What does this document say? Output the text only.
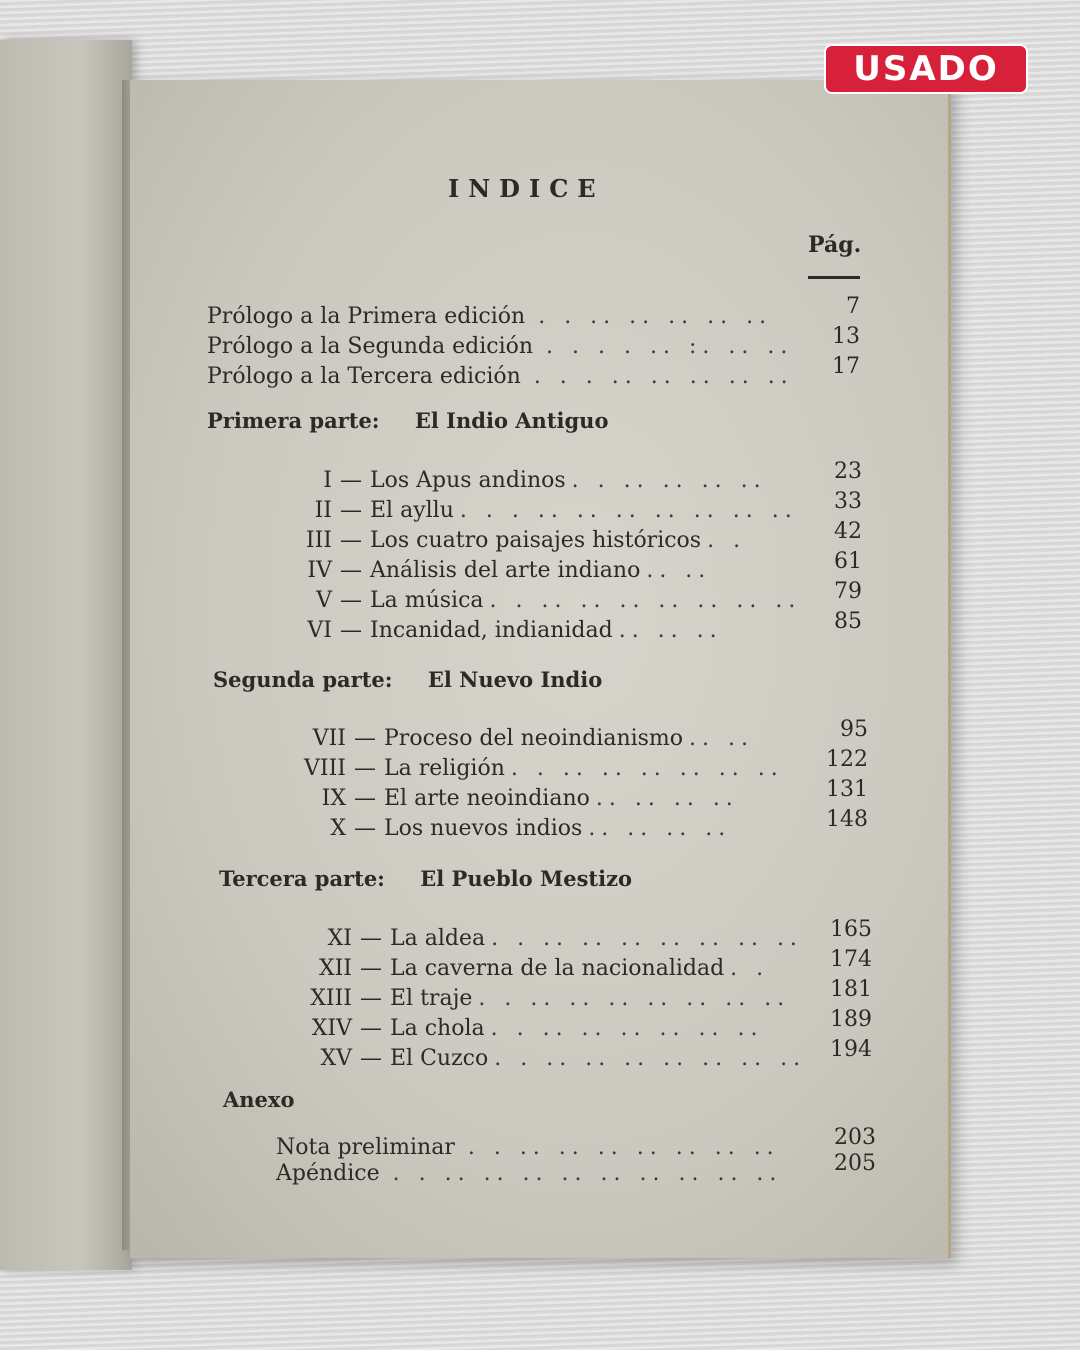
USADO
INDICE
Pág.
Prólogo a la Primera edición . . .. .. .. .. ..	7
Prólogo a la Segunda edición . . . . .. :. .. ..	13
Prólogo a la Tercera edición . . . .. .. .. .. ..	17
Primera parte: El Indio Antiguo
I — Los Apus andinos . . .. .. .. ..	23
II — El ayllu . . . .. .. .. .. .. .. ..	33
III — Los cuatro paisajes históricos . .	42
IV — Análisis del arte indiano .. ..	61
V — La música . . .. .. .. .. .. .. ..	79
VI — Incanidad, indianidad .. .. ..	85
Segunda parte: El Nuevo Indio
VII — Proceso del neoindianismo .. ..	95
VIII — La religión . . .. .. .. .. .. ..	122
IX — El arte neoindiano .. .. .. ..	131
X — Los nuevos indios .. .. .. ..	148
Tercera parte: El Pueblo Mestizo
XI — La aldea . . .. .. .. .. .. .. ..	165
XII — La caverna de la nacionalidad . .	174
XIII — El traje . . .. .. .. .. .. .. ..	181
XIV — La chola . . .. .. .. .. .. ..	189
XV — El Cuzco . . .. .. .. .. .. .. ..	194
Anexo
Nota preliminar . . .. .. .. .. .. .. ..	203
Apéndice . . .. .. .. .. .. .. .. .. ..	205
